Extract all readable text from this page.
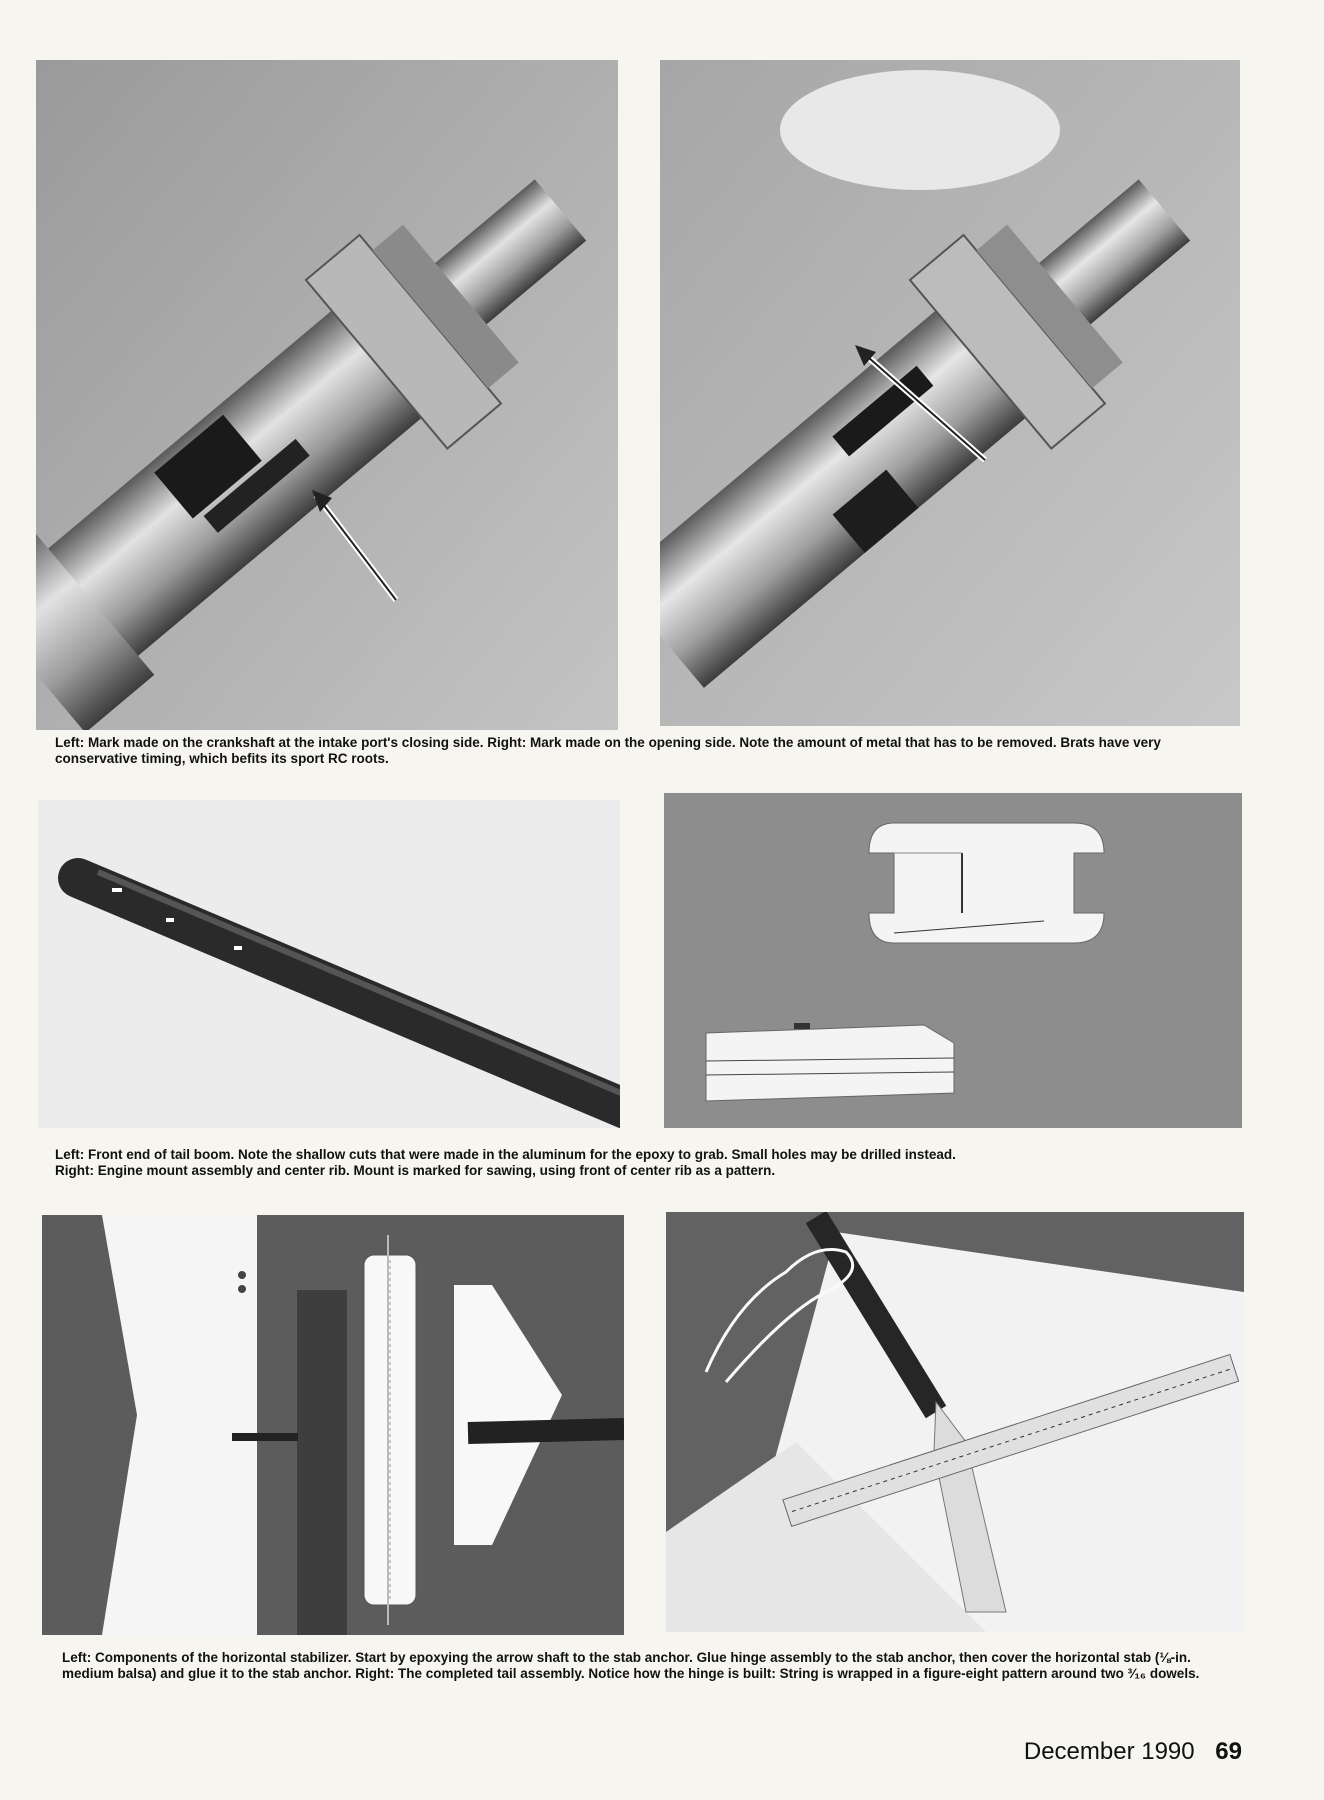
Left: Mark made on the crankshaft at the intake port's closing side. Right: Mark made on the opening side. Note the amount of metal that has to be removed. Brats have very conservative timing, which befits its sport RC roots.
Left: Front end of tail boom. Note the shallow cuts that were made in the aluminum for the epoxy to grab. Small holes may be drilled instead.
Right: Engine mount assembly and center rib. Mount is marked for sawing, using front of center rib as a pattern.
Left: Components of the horizontal stabilizer. Start by epoxying the arrow shaft to the stab anchor. Glue hinge assembly to the stab anchor, then cover the horizontal stab (⅛-in. medium balsa) and glue it to the stab anchor. Right: The completed tail assembly. Notice how the hinge is built: String is wrapped in a figure-eight pattern around two ³⁄₁₆ dowels.
December 1990 69
